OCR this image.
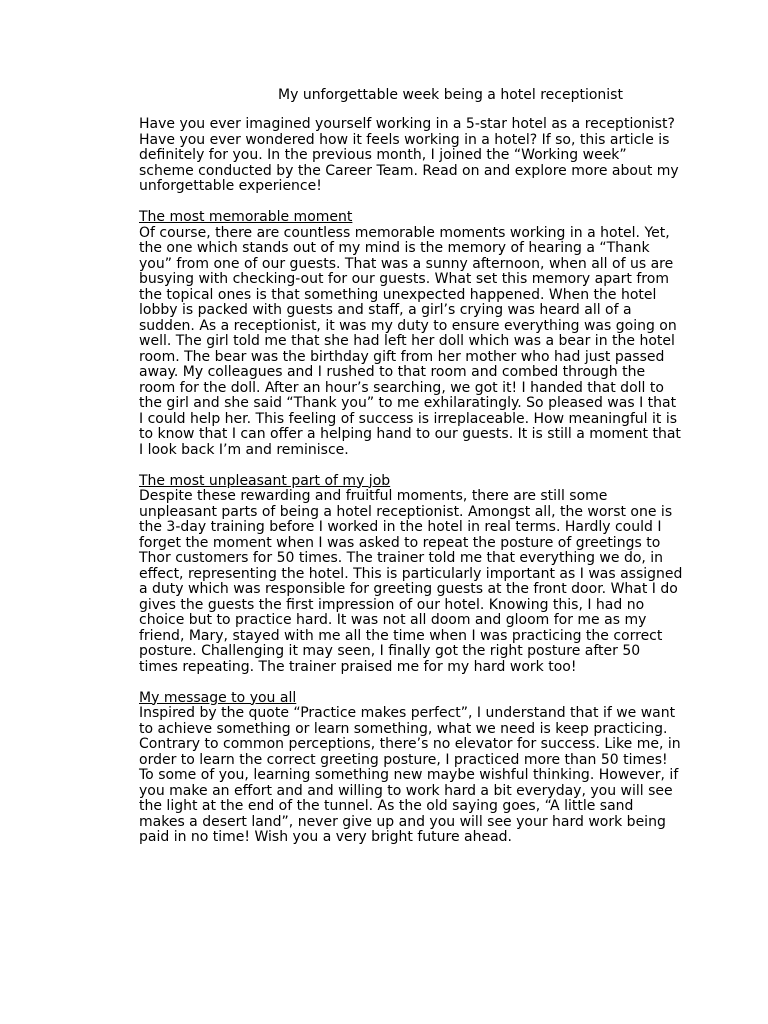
My unforgettable week being a hotel receptionist

Have you ever imagined yourself working in a 5-star hotel as a receptionist? Have you ever wondered how it feels working in a hotel? If so, this article is definitely for you. In the previous month, I joined the “Working week” scheme conducted by the Career Team. Read on and explore more about my unforgettable experience!

The most memorable moment
Of course, there are countless memorable moments working in a hotel. Yet, the one which stands out of my mind is the memory of hearing a “Thank you” from one of our guests. That was a sunny afternoon, when all of us are busying with checking-out for our guests. What set this memory apart from the topical ones is that something unexpected happened. When the hotel lobby is packed with guests and staff, a girl’s crying was heard all of a sudden. As a receptionist, it was my duty to ensure everything was going on well. The girl told me that she had left her doll which was a bear in the hotel room. The bear was the birthday gift from her mother who had just passed away. My colleagues and I rushed to that room and combed through the room for the doll. After an hour’s searching, we got it! I handed that doll to the girl and she said “Thank you” to me exhilaratingly. So pleased was I that I could help her. This feeling of success is irreplaceable. How meaningful it is to know that I can offer a helping hand to our guests. It is still a moment that I look back I’m and reminisce.
The most unpleasant part of my job
Despite these rewarding and fruitful moments, there are still some unpleasant parts of being a hotel receptionist. Amongst all, the worst one is the 3-day training before I worked in the hotel in real terms. Hardly could I forget the moment when I was asked to repeat the posture of greetings to Thor customers for 50 times. The trainer told me that everything we do, in effect, representing the hotel. This is particularly important as I was assigned a duty which was responsible for greeting guests at the front door. What I do gives the guests the first impression of our hotel. Knowing this, I had no choice but to practice hard. It was not all doom and gloom for me as my friend, Mary, stayed with me all the time when I was practicing the correct posture. Challenging it may seen, I finally got the right posture after 50 times repeating. The trainer praised me for my hard work too!
My message to you all
Inspired by the quote “Practice makes perfect”, I understand that if we want to achieve something or learn something, what we need is keep practicing. Contrary to common perceptions, there’s no elevator for success. Like me, in order to learn the correct greeting posture, I practiced more than 50 times! To some of you, learning something new maybe wishful thinking. However, if you make an effort and and willing to work hard a bit everyday, you will see the light at the end of the tunnel. As the old saying goes, “A little sand makes a desert land”, never give up and you will see your hard work being paid in no time! Wish you a very bright future ahead.
